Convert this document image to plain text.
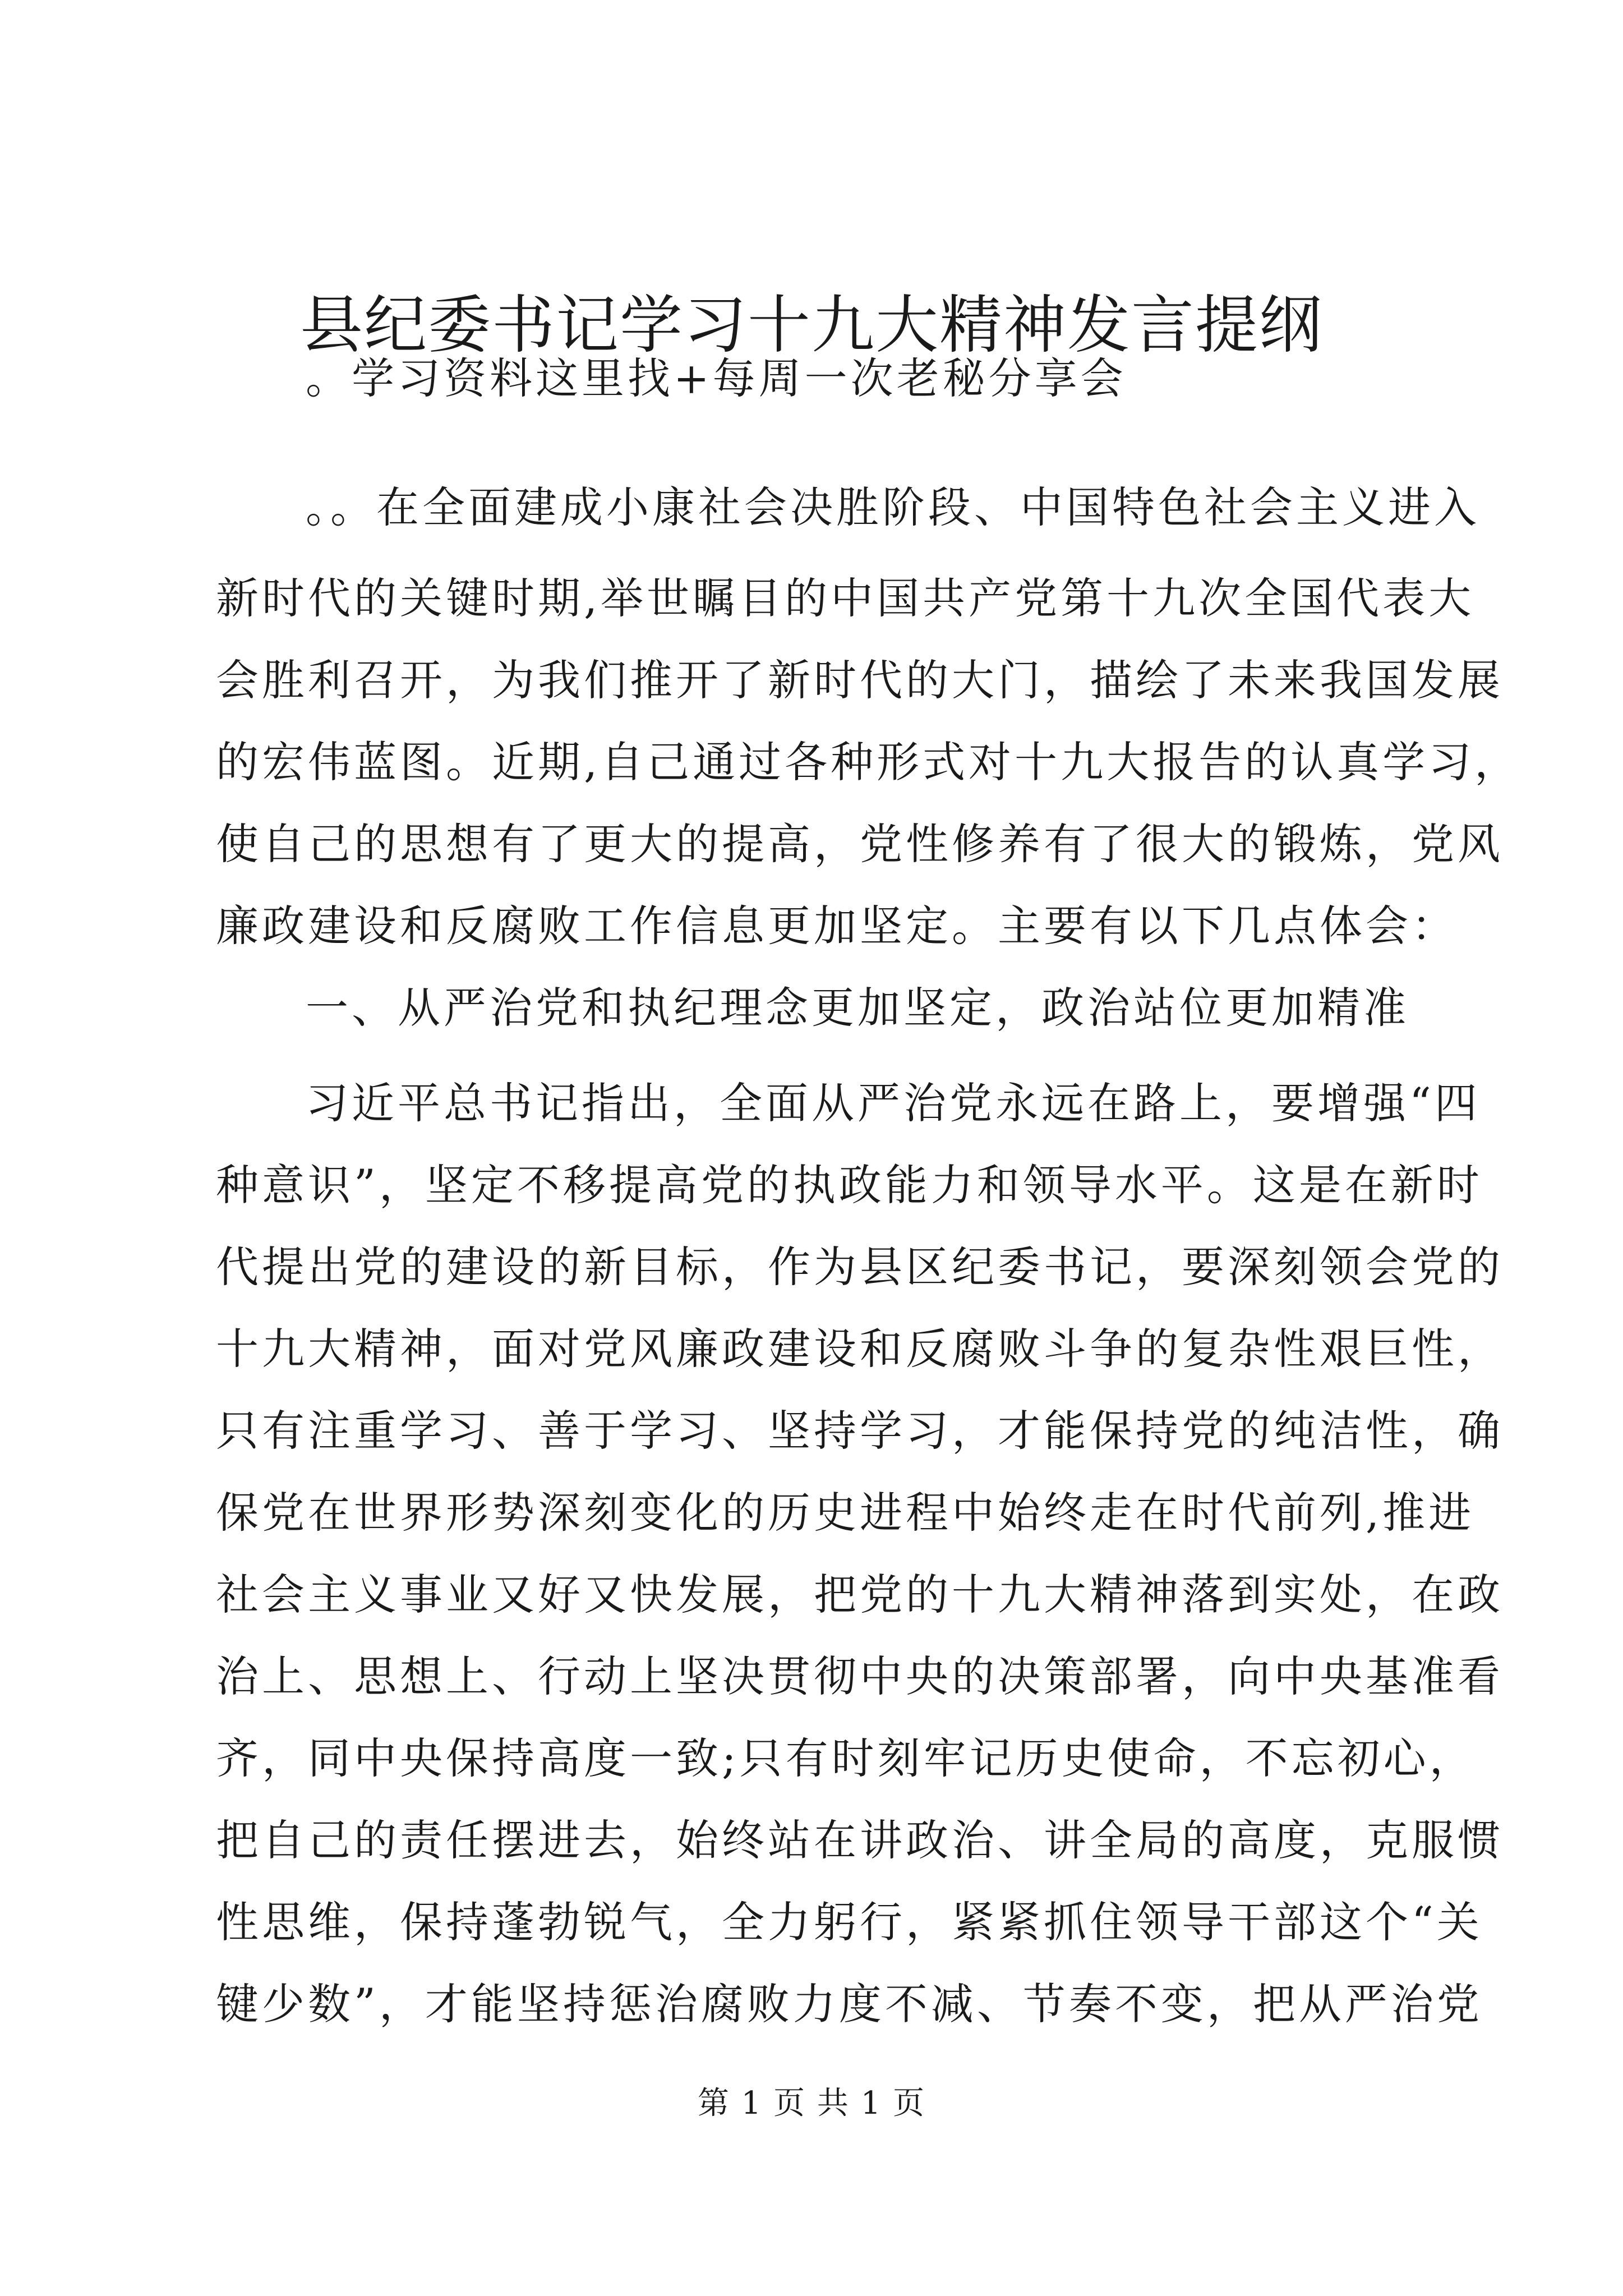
县纪委书记学习十九大精神发言提纲

。学习资料这里找+每周一次老秘分享会

。。在全面建成小康社会决胜阶段、中国特色社会主义进入

新时代的关键时期,举世瞩目的中国共产党第十九次全国代表大

会胜利召开，为我们推开了新时代的大门，描绘了未来我国发展

的宏伟蓝图。近期,自己通过各种形式对十九大报告的认真学习，

使自己的思想有了更大的提高，党性修养有了很大的锻炼，党风

廉政建设和反腐败工作信息更加坚定。主要有以下几点体会：

一、从严治党和执纪理念更加坚定，政治站位更加精准

习近平总书记指出，全面从严治党永远在路上，要增强“四

种意识”，坚定不移提高党的执政能力和领导水平。这是在新时

代提出党的建设的新目标，作为县区纪委书记，要深刻领会党的

十九大精神，面对党风廉政建设和反腐败斗争的复杂性艰巨性，

只有注重学习、善于学习、坚持学习，才能保持党的纯洁性，确

保党在世界形势深刻变化的历史进程中始终走在时代前列,推进

社会主义事业又好又快发展，把党的十九大精神落到实处，在政

治上、思想上、行动上坚决贯彻中央的决策部署，向中央基准看

齐，同中央保持高度一致;只有时刻牢记历史使命，不忘初心，

把自己的责任摆进去，始终站在讲政治、讲全局的高度，克服惯

性思维，保持蓬勃锐气，全力躬行，紧紧抓住领导干部这个“关

键少数”，才能坚持惩治腐败力度不减、节奏不变，把从严治党

第 1 页 共 1 页
